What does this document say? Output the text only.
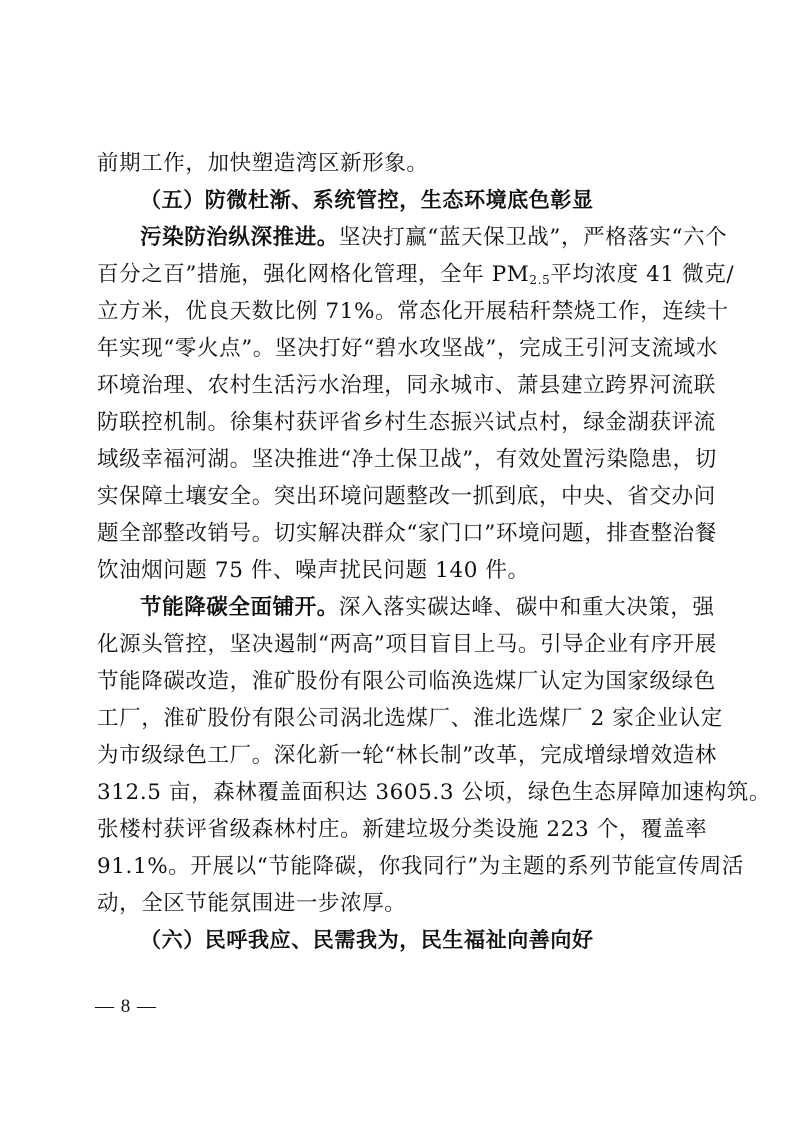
前期工作，加快塑造湾区新形象。
（五）防微杜渐、系统管控，生态环境底色彰显
污染防治纵深推进。坚决打赢“蓝天保卫战”，严格落实“六个
百分之百”措施，强化网格化管理，全年 $PM_{2.5}$平均浓度 41 微克/
立方米，优良天数比例 71%。常态化开展秸秆禁烧工作，连续十
年实现“零火点”。坚决打好“碧水攻坚战”，完成王引河支流域水
环境治理、农村生活污水治理，同永城市、萧县建立跨界河流联
防联控机制。徐集村获评省乡村生态振兴试点村，绿金湖获评流
域级幸福河湖。坚决推进“净土保卫战”，有效处置污染隐患，切
实保障土壤安全。突出环境问题整改一抓到底，中央、省交办问
题全部整改销号。切实解决群众“家门口”环境问题，排查整治餐
饮油烟问题 75 件、噪声扰民问题 140 件。
节能降碳全面铺开。深入落实碳达峰、碳中和重大决策，强
化源头管控，坚决遏制“两高”项目盲目上马。引导企业有序开展
节能降碳改造，淮矿股份有限公司临涣选煤厂认定为国家级绿色
工厂，淮矿股份有限公司涡北选煤厂、淮北选煤厂 2 家企业认定
为市级绿色工厂。深化新一轮“林长制”改革，完成增绿增效造林
312.5 亩，森林覆盖面积达 3605.3 公顷，绿色生态屏障加速构筑。
张楼村获评省级森林村庄。新建垃圾分类设施 223 个，覆盖率
91.1%。开展以“节能降碳，你我同行”为主题的系列节能宣传周活
动，全区节能氛围进一步浓厚。
（六）民呼我应、民需我为，民生福祉向善向好
— 8 —
